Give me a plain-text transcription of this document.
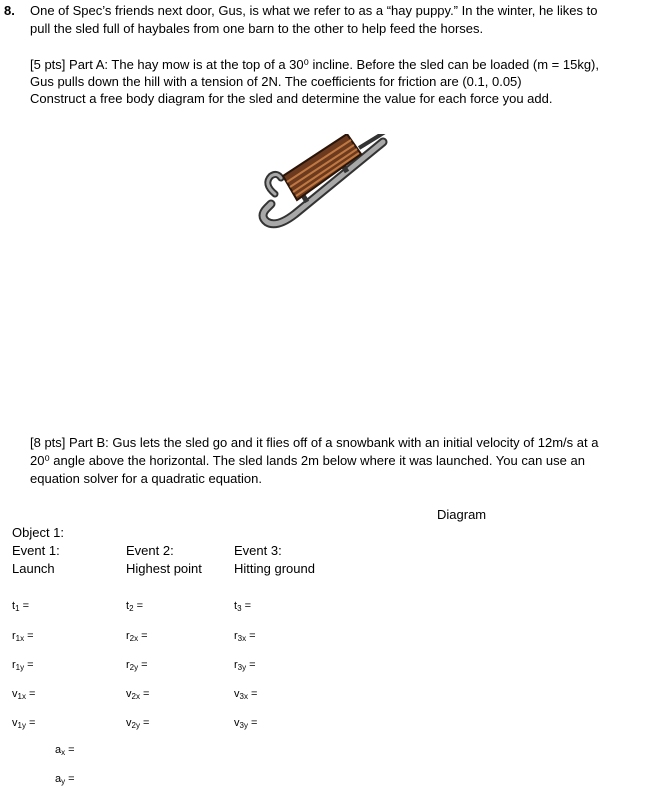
8. One of Spec’s friends next door, Gus, is what we refer to as a “hay puppy.” In the winter, he likes to
pull the sled full of haybales from one barn to the other to help feed the horses.
[5 pts] Part A: The hay mow is at the top of a 30⁰ incline. Before the sled can be loaded (m = 15kg),
Gus pulls down the hill with a tension of 2N. The coefficients for friction are (0.1, 0.05)
Construct a free body diagram for the sled and determine the value for each force you add.
[8 pts] Part B: Gus lets the sled go and it flies off of a snowbank with an initial velocity of 12m/s at a
20⁰ angle above the horizontal. The sled lands 2m below where it was launched. You can use an
equation solver for a quadratic equation.
Diagram
Object 1:
Event 1:
Launch
Event 2:
Highest point
Event 3:
Hitting ground
$t_1$ =
$r_{1x}$ =
$r_{1y}$ =
$v_{1x}$ =
$v_{1y}$ =
$t_2$ =
$r_{2x}$ =
$r_{2y}$ =
$v_{2x}$ =
$v_{2y}$ =
$t_3$ =
$r_{3x}$ =
$r_{3y}$ =
$v_{3x}$ =
$v_{3y}$ =
$a_x$ =
$a_y$ =
